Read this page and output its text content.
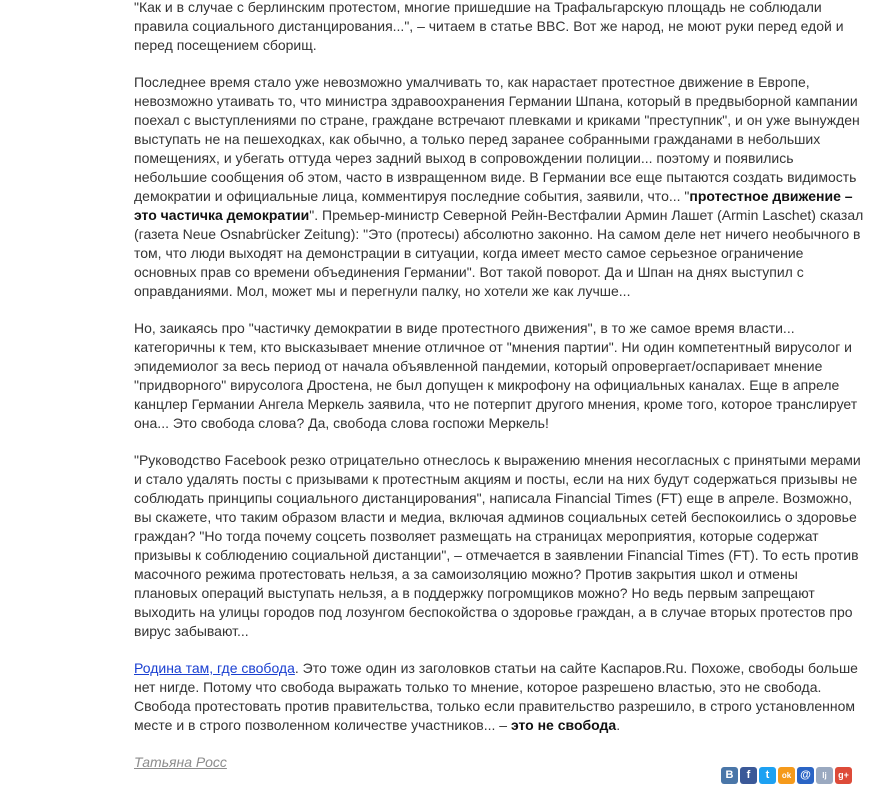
"Как и в случае с берлинским протестом, многие пришедшие на Трафальгарскую площадь не соблюдали правила социального дистанцирования...", – читаем в статье BBC. Вот же народ, не моют руки перед едой и перед посещением сборищ.

Последнее время стало уже невозможно умалчивать то, как нарастает протестное движение в Европе, невозможно утаивать то, что министра здравоохранения Германии Шпана, который в предвыборной кампании поехал с выступлениями по стране, граждане встречают плевками и криками "преступник", и он уже вынужден выступать не на пешеходках, как обычно, а только перед заранее собранными гражданами в небольших помещениях, и убегать оттуда через задний выход в сопровождении полиции... поэтому и появились небольшие сообщения об этом, часто в извращенном виде. В Германии все еще пытаются создать видимость демократии и официальные лица, комментируя последние события, заявили, что... "протестное движение – это частичка демократии". Премьер-министр Северной Рейн-Вестфалии Армин Лашет (Armin Laschet) сказал (газета Neue Osnabrücker Zeitung): "Это (протесы) абсолютно законно. На самом деле нет ничего необычного в том, что люди выходят на демонстрации в ситуации, когда имеет место самое серьезное ограничение основных прав со времени объединения Германии". Вот такой поворот. Да и Шпан на днях выступил с оправданиями. Мол, может мы и перегнули палку, но хотели же как лучше...

Но, заикаясь про "частичку демократии в виде протестного движения", в то же самое время власти... категоричны к тем, кто высказывает мнение отличное от "мнения партии". Ни один компетентный вирусолог и эпидемиолог за весь период от начала объявленной пандемии, который опровергает/оспаривает мнение "придворного" вирусолога Дростена, не был допущен к микрофону на официальных каналах. Еще в апреле канцлер Германии Ангела Меркель заявила, что не потерпит другого мнения, кроме того, которое транслирует она... Это свобода слова? Да, свобода слова госпожи Меркель!

"Руководство Facebook резко отрицательно отнеслось к выражению мнения несогласных с принятыми мерами и стало удалять посты с призывами к протестным акциям и посты, если на них будут содержаться призывы не соблюдать принципы социального дистанцирования", написала Financial Times (FT) еще в апреле. Возможно, вы скажете, что таким образом власти и медиа, включая админов социальных сетей беспокоились о здоровье граждан? "Но тогда почему соцсеть позволяет размещать на страницах мероприятия, которые содержат призывы к соблюдению социальной дистанции", – отмечается в заявлении Financial Times (FT). То есть против масочного режима протестовать нельзя, а за самоизоляцию можно? Против закрытия школ и отмены плановых операций выступать нельзя, а в поддержку погромщиков можно? Но ведь первым запрещают выходить на улицы городов под лозунгом беспокойства о здоровье граждан, а в случае вторых протестов про вирус забывают...

Родина там, где свобода. Это тоже один из заголовков статьи на сайте Каспаров.Ru. Похоже, свободы больше нет нигде. Потому что свобода выражать только то мнение, которое разрешено властью, это не свобода. Свобода протестовать против правительства, только если правительство разрешило, в строго установленном месте и в строго позволенном количестве участников... – это не свобода.

Татьяна Росс
B	f	t	ok @	lj	g+
